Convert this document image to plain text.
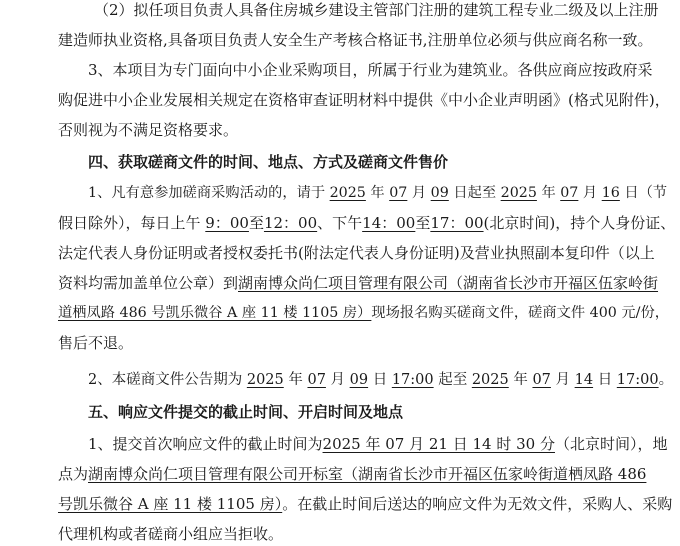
（2）拟任项目负责人具备住房城乡建设主管部门注册的建筑工程专业二级及以上注册
建造师执业资格,具备项目负责人安全生产考核合格证书,注册单位必须与供应商名称一致。
3、本项目为专门面向中小企业采购项目，所属于行业为建筑业。各供应商应按政府采
购促进中小企业发展相关规定在资格审查证明材料中提供《中小企业声明函》(格式见附件)，
否则视为不满足资格要求。
四、获取磋商文件的时间、地点、方式及磋商文件售价
1、凡有意参加磋商采购活动的，请于 2025 年 07 月 09 日起至 2025 年 07 月 16 日（节
假日除外），每日上午 9：00至12：00、下午14：00至17：00(北京时间)，持个人身份证、
法定代表人身份证明或者授权委托书(附法定代表人身份证明)及营业执照副本复印件（以上
资料均需加盖单位公章）到湖南博众尚仁项目管理有限公司（湖南省长沙市开福区伍家岭街
道栖凤路 486 号凯乐微谷 A 座 11 楼 1105 房）现场报名购买磋商文件，磋商文件 400 元/份，
售后不退。
2、本磋商文件公告期为 2025 年 07 月 09 日 17:00 起至 2025 年 07 月 14 日 17:00。
五、响应文件提交的截止时间、开启时间及地点
1、提交首次响应文件的截止时间为2025 年 07 月 21 日 14 时 30 分（北京时间），地
点为湖南博众尚仁项目管理有限公司开标室（湖南省长沙市开福区伍家岭街道栖凤路 486
号凯乐微谷 A 座 11 楼 1105 房）。在截止时间后送达的响应文件为无效文件，采购人、采购
代理机构或者磋商小组应当拒收。
